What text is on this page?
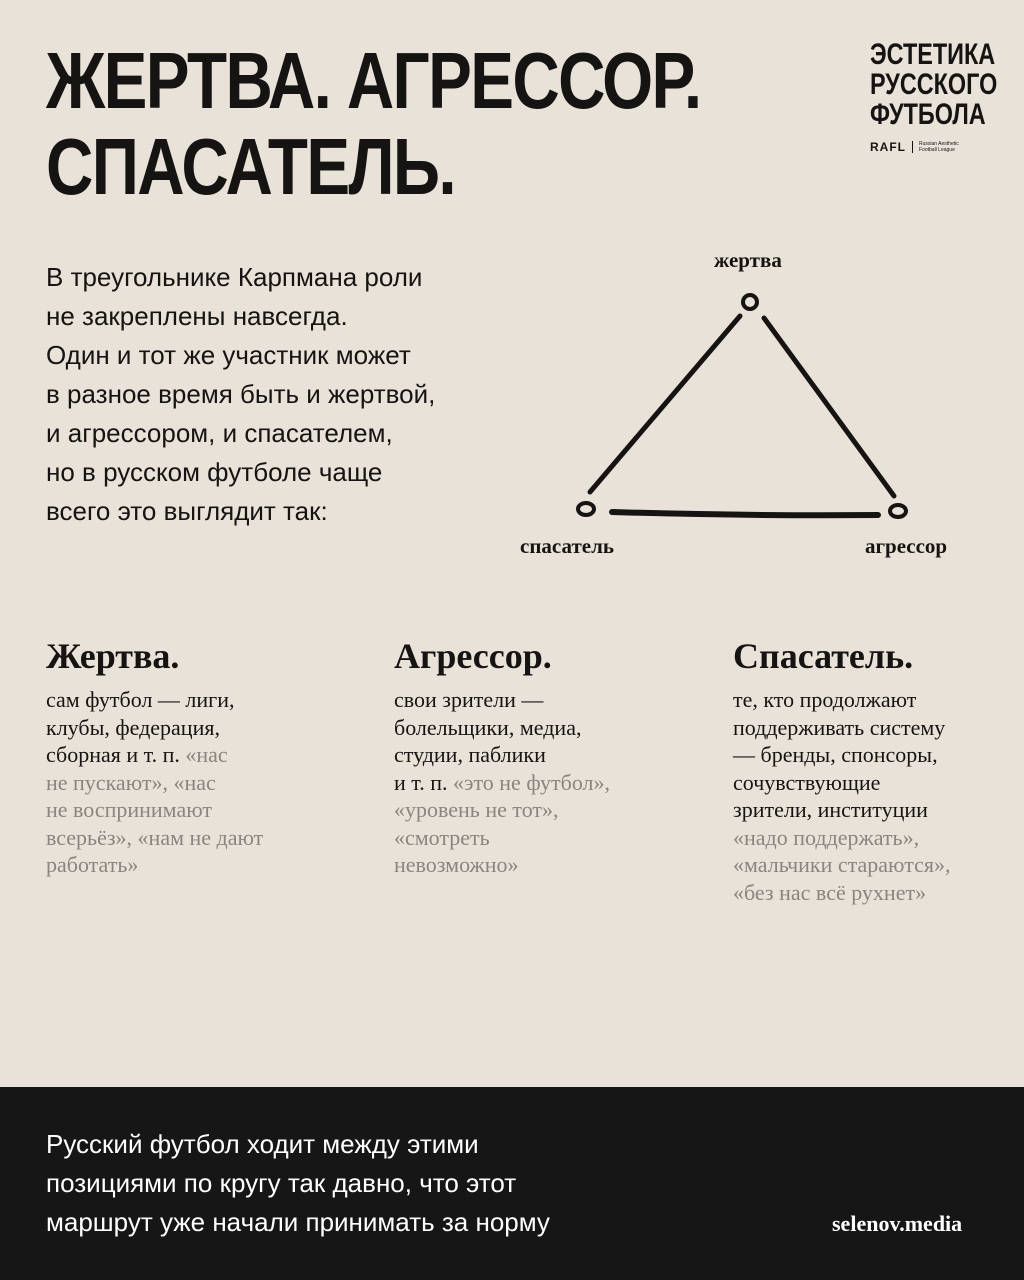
ЖЕРТВА. АГРЕССОР.
СПАСАТЕЛЬ.
ЭСТЕТИКА
РУССКОГО
ФУТБОЛА
RAFL	Russian Aesthetic
Football League
В треугольнике Карпмана роли
не закреплены навсегда.
Один и тот же участник может
в разное время быть и жертвой,
и агрессором, и спасателем,
но в русском футболе чаще
всего это выглядит так:
жертва
спасатель	агрессор
Жертва.
сам футбол — лиги,
клубы, федерация,
сборная и т. п. «нас
не пускают», «нас
не воспринимают
всерьёз», «нам не дают
работать»
Агрессор.
свои зрители —
болельщики, медиа,
студии, паблики
и т. п. «это не футбол»,
«уровень не тот»,
«смотреть
невозможно»
Спасатель.
те, кто продолжают
поддерживать систему
— бренды, спонсоры,
сочувствующие
зрители, институции
«надо поддержать»,
«мальчики стараются»,
«без нас всё рухнет»
Русский футбол ходит между этими
позициями по кругу так давно, что этот
маршрут уже начали принимать за норму	selenov.media
